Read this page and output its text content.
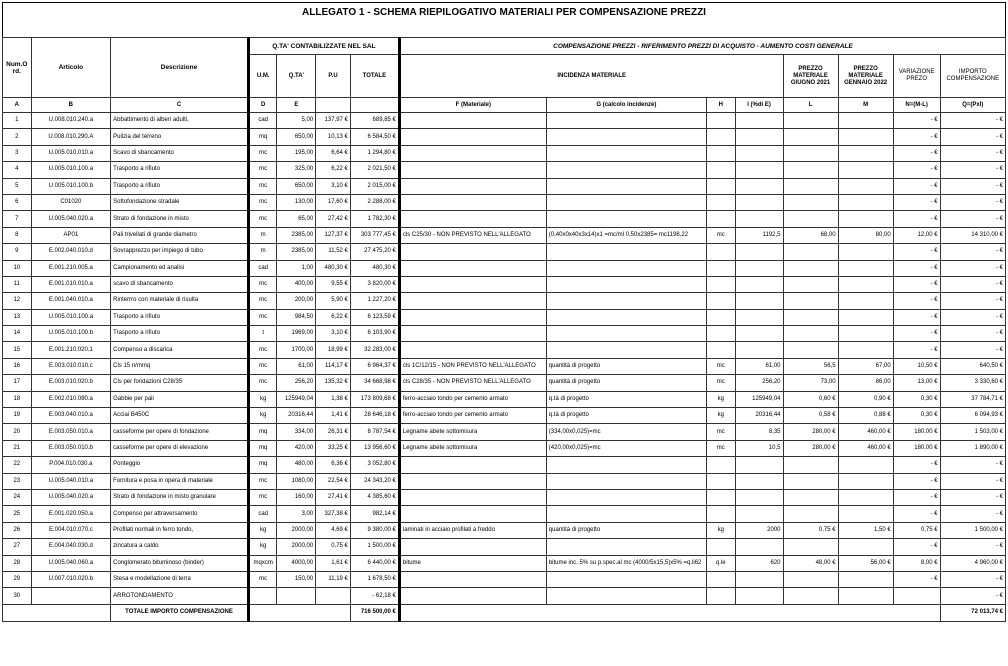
ALLEGATO 1 - SCHEMA RIEPILOGATIVO MATERIALI PER COMPENSAZIONE PREZZI
Num.O rd.	Articolo	Descrizione	Q.TA' CONTABILIZZATE NEL SAL				COMPENSAZIONE PREZZI - RIFERIMENTO PREZZI DI ACQUISTO - AUMENTO COSTI GENERALE							
			U.M.	Q.TA'	P.U	TOTALE	INCIDENZA MATERIALE				PREZZO MATERIALE GIUGNO 2021	PREZZO MATERIALE GENNAIO 2022	VARIAZIONE PREZO	IMPORTO COMPENSAZIONE
A	B	C	D	E			F (Materiale)	G (calcolo incidenze)	H	I (%di E)	L	M	N=(M-L)	Q=(PxI)
1	U.008.010.240.a	Abbattimento di alberi adulti,	cad	5,00	137,97 €	689,85 €							- €	- €
2	U.008.010.290.A	Pulizia del terreno	mq	650,00	10,13 €	6 584,50 €							- €	- €
3	U.005.010.010.a	Scavo di sbancamento	mc	195,00	6,64 €	1 294,80 €							- €	- €
4	U.005.010.100.a	Trasporto a rifiuto	mc	325,00	6,22 €	2 021,50 €							- €	- €
5	U.005.010.100.b	Trasporto a rifiuto	mc	650,00	3,10 €	2 015,00 €							- €	- €
6	C01020	Sottofondazione stradale	mc	130,00	17,60 €	2 288,00 €							- €	- €
7	U.005.040.020.a	Strato di fondazione in misto	mc	65,00	27,42 €	1 782,30 €							- €	- €
8	AP01	Pali trivellati di grande diametro	m	2385,00	127,37 €	303 777,45 €	cls C25/30 - NON PREVISTO NELL'ALLEGATO	(0,40x0x40x3x14)x1 =mc/ml 0,50x2385= mc1198,22	mc	1192,5	68,00	80,00	12,00 €	14 310,00 €
9	E.002.040.010.d	Sovrapprezzo per impiego di tubo	m	2385,00	11,52 €	27 475,20 €							- €	- €
10	E.001.210.005.a	Campionamento ed analisi	cad	1,00	480,30 €	480,30 €							- €	- €
11	E.001.010.010.a	scavo di sbancamento	mc	400,00	9,55 €	3 820,00 €							- €	- €
12	E.001.040.010.a	Rinterrro con materiale di risulta	mc	200,00	5,90 €	1 227,20 €							- €	- €
13	U.005.010.100.a	Trasporto a rifiuto	mc	984,50	6,22 €	6 123,59 €							- €	- €
14	U.005.010.100.b	Trasporto a rifiuto	t	1969,00	3,10 €	6 103,90 €							- €	- €
15	E.001.210.020.1	Compenso a discarica	mc	1700,00	18,99 €	32 283,00 €							- €	- €
16	E.003.010.010.c	Cls 15 n/mmq	mc	61,00	114,17 €	6 964,37 €	cls 1C/12/15 - NON PREVISTO NELL'ALLEGATO	quantità di progetto	mc	61,00	56,5	67,00	10,50 €	640,50 €
17	E.003.010.020.b	Cls per fondazioni C28/35	mc	256,20	135,32 €	34 668,98 €	cls C28/35 - NON PREVISTO NELL'ALLEGATO	quantità di progetto	mc	256,20	73,00	86,00	13,00 €	3 330,60 €
18	E.002.010.080.a	Gabbie per pali	kg	125949,04	1,38 €	173 809,68 €	ferro-acciaio tondo per cemento armato	q.tà di progetto	kg	125949,04	0,60 €	0,90 €	0,30 €	37 784,71 €
19	E.003.040.010.a	Acciai B450C	kg	20316,44	1,41 €	28 646,18 €	ferro-acciaio tondo per cemento armato	q.tà di progetto	kg	20316,44	0,58 €	0,88 €	0,30 €	6 094,93 €
20	E.003.050.010.a	casseforme per opere di fondazione	mq	334,00	26,31 €	8 787,54 €	Legname abete sottomisura	(334,00x0,025)=mc	mc	8,35	280,00 €	460,00 €	180,00 €	1 503,00 €
21	E.003.050.010.b	casseforme per opere di elevazione	mq	420,00	33,25 €	13 956,60 €	Legname abete sottomisura	(420,00x0,025)=mc	mc	10,5	280,00 €	460,00 €	180,00 €	1 890,00 €
22	P.004.010.030.a	Ponteggio	mq	480,00	6,36 €	3 052,80 €							- €	- €
23	U.005.040.010.a	Fornitura e posa in opera di materiale	mc	1080,00	22,54 €	24 343,20 €							- €	- €
24	U.005.040.020.a	Strato di fondazione in misto granulare	mc	160,00	27,41 €	4 385,60 €							- €	- €
25	E.001.020.050.a	Compenso per attraversamento	cad	3,00	327,38 €	982,14 €							- €	- €
26	E.004.010.070.c	Profilati normali in ferro tondo,	kg	2000,00	4,69 €	9 380,00 €	laminati in acciaio profilati a freddo	quantità di progetto	kg	2000	0,75 €	1,50 €	0,75 €	1 500,00 €
27	E.004.040.030.d	zincatura a caldo	kg	2000,00	0,75 €	1 500,00 €							- €	- €
28	U.005.040.060.a	Conglomerato bituminoso (binder)	mqxcm	4000,00	1,61 €	6 440,00 €	bitume	bitume inc. 5% su p.spec.al mc (4000/5x15,5)x5% =q.li62	q.le	620	48,00 €	56,00 €	8,00 €	4 960,00 €
29	U.007.010.020.b	Stesa e modellazione di terra	mc	150,00	11,19 €	1 678,50 €							- €	- €
30		ARROTONDAMENTO				- 62,18 €								- €
		TOTALE IMPORTO COMPENSAZIONE				716 500,00 €								72 013,74 €
